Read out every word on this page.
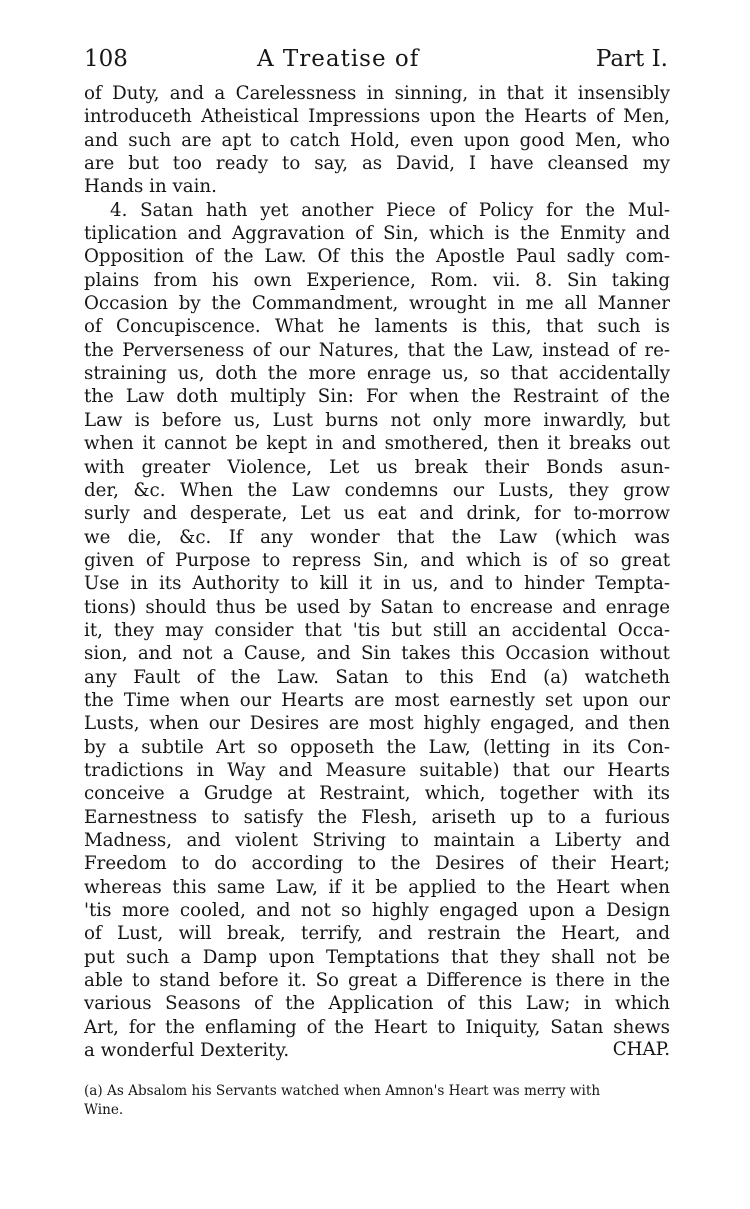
108	A Treatise of	Part I.
of Duty, and a Carelessness in sinning, in that it insensibly
introduceth Atheistical Impressions upon the Hearts of Men,
and such are apt to catch Hold, even upon good Men, who
are but too ready to say, as David, I have cleansed my
Hands in vain.
4. Satan hath yet another Piece of Policy for the Mul-
tiplication and Aggravation of Sin, which is the Enmity and
Opposition of the Law. Of this the Apostle Paul sadly com-
plains from his own Experience, Rom. vii. 8. Sin taking
Occasion by the Commandment, wrought in me all Manner
of Concupiscence. What he laments is this, that such is
the Perverseness of our Natures, that the Law, instead of re-
straining us, doth the more enrage us, so that accidentally
the Law doth multiply Sin: For when the Restraint of the
Law is before us, Lust burns not only more inwardly, but
when it cannot be kept in and smothered, then it breaks out
with greater Violence, Let us break their Bonds asun-
der, &c. When the Law condemns our Lusts, they grow
surly and desperate, Let us eat and drink, for to-morrow
we die, &c. If any wonder that the Law (which was
given of Purpose to repress Sin, and which is of so great
Use in its Authority to kill it in us, and to hinder Tempta-
tions) should thus be used by Satan to encrease and enrage
it, they may consider that 'tis but still an accidental Occa-
sion, and not a Cause, and Sin takes this Occasion without
any Fault of the Law. Satan to this End (a) watcheth
the Time when our Hearts are most earnestly set upon our
Lusts, when our Desires are most highly engaged, and then
by a subtile Art so opposeth the Law, (letting in its Con-
tradictions in Way and Measure suitable) that our Hearts
conceive a Grudge at Restraint, which, together with its
Earnestness to satisfy the Flesh, ariseth up to a furious
Madness, and violent Striving to maintain a Liberty and
Freedom to do according to the Desires of their Heart;
whereas this same Law, if it be applied to the Heart when
'tis more cooled, and not so highly engaged upon a Design
of Lust, will break, terrify, and restrain the Heart, and
put such a Damp upon Temptations that they shall not be
able to stand before it. So great a Difference is there in the
various Seasons of the Application of this Law; in which
Art, for the enflaming of the Heart to Iniquity, Satan shews
a wonderful Dexterity.	CHAP.
(a) As Absalom his Servants watched when Amnon's Heart was merry with
Wine.
